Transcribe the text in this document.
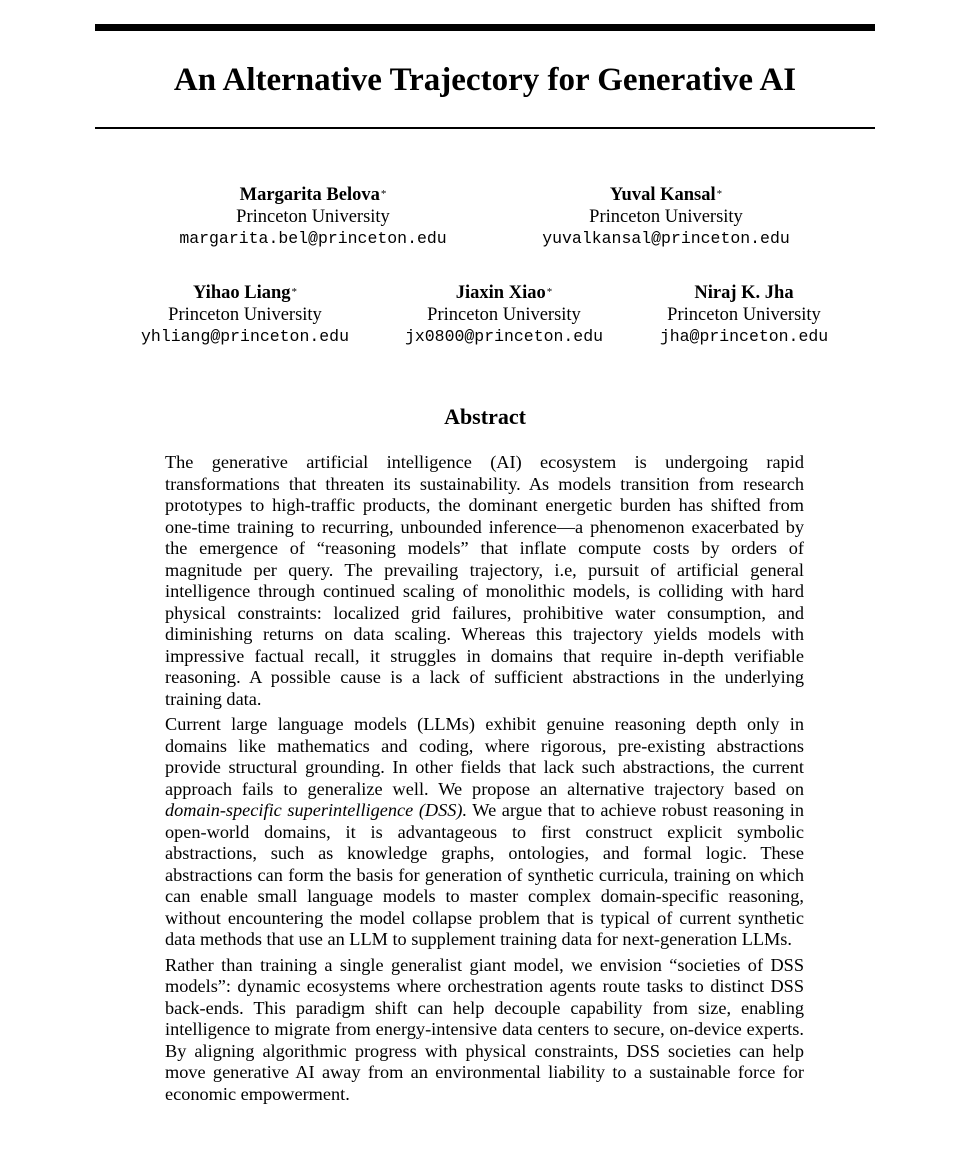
An Alternative Trajectory for Generative AI
Margarita Belova*
Princeton University
margarita.bel@princeton.edu
Yuval Kansal*
Princeton University
yuvalkansal@princeton.edu
Yihao Liang*
Princeton University
yhliang@princeton.edu
Jiaxin Xiao*
Princeton University
jx0800@princeton.edu
Niraj K. Jha
Princeton University
jha@princeton.edu
Abstract

The generative artificial intelligence (AI) ecosystem is undergoing rapid transformations that threaten its sustainability. As models transition from research prototypes to high-traffic products, the dominant energetic burden has shifted from one-time training to recurring, unbounded inference—a phenomenon exacerbated by the emergence of “reasoning models” that inflate compute costs by orders of magnitude per query. The prevailing trajectory, i.e, pursuit of artificial general intelligence through continued scaling of monolithic models, is colliding with hard physical constraints: localized grid failures, prohibitive water consumption, and diminishing returns on data scaling. Whereas this trajectory yields models with impressive factual recall, it struggles in domains that require in-depth verifiable reasoning. A possible cause is a lack of sufficient abstractions in the underlying training data.

Current large language models (LLMs) exhibit genuine reasoning depth only in domains like mathematics and coding, where rigorous, pre-existing abstractions provide structural grounding. In other fields that lack such abstractions, the current approach fails to generalize well. We propose an alternative trajectory based on domain-specific superintelligence (DSS). We argue that to achieve robust reasoning in open-world domains, it is advantageous to first construct explicit symbolic abstractions, such as knowledge graphs, ontologies, and formal logic. These abstractions can form the basis for generation of synthetic curricula, training on which can enable small language models to master complex domain-specific reasoning, without encountering the model collapse problem that is typical of current synthetic data methods that use an LLM to supplement training data for next-generation LLMs.

Rather than training a single generalist giant model, we envision “societies of DSS models”: dynamic ecosystems where orchestration agents route tasks to distinct DSS back-ends. This paradigm shift can help decouple capability from size, enabling intelligence to migrate from energy-intensive data centers to secure, on-device experts. By aligning algorithmic progress with physical constraints, DSS societies can help move generative AI away from an environmental liability to a sustainable force for economic empowerment.
